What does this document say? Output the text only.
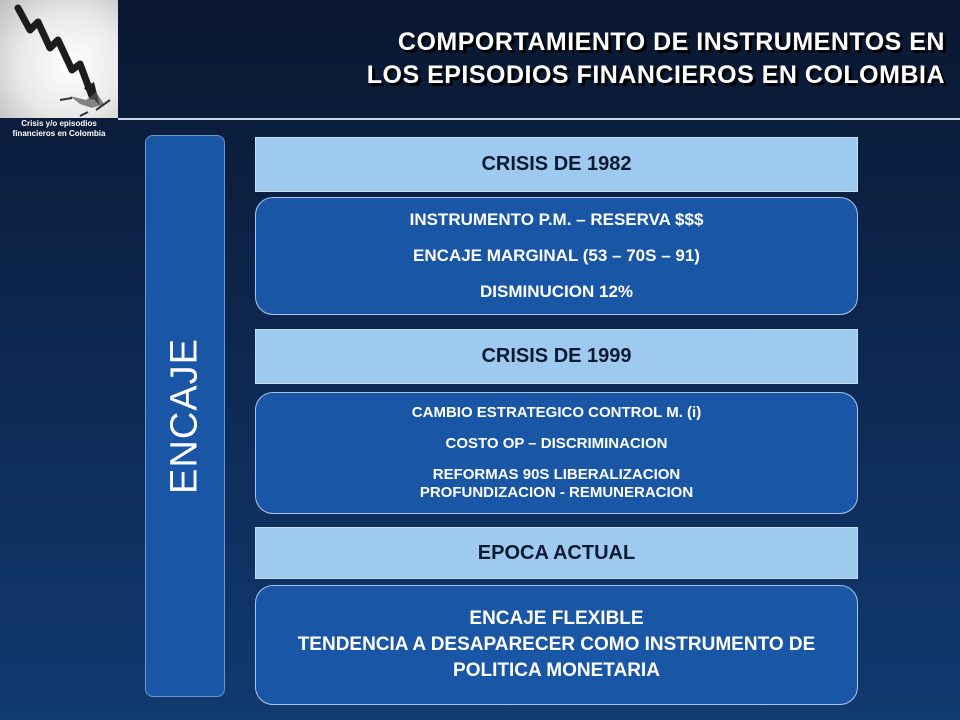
Crisis y/o episodios
financieros en Colombia
COMPORTAMIENTO DE INSTRUMENTOS EN
LOS EPISODIOS FINANCIEROS EN COLOMBIA
ENCAJE
CRISIS DE 1982
INSTRUMENTO P.M. – RESERVA $$$
ENCAJE MARGINAL (53 – 70S – 91)
DISMINUCION 12%
CRISIS DE 1999
CAMBIO ESTRATEGICO CONTROL M. (i)
COSTO OP – DISCRIMINACION
REFORMAS 90S LIBERALIZACION PROFUNDIZACION - REMUNERACION
EPOCA ACTUAL
ENCAJE FLEXIBLE
TENDENCIA A DESAPARECER COMO INSTRUMENTO DE POLITICA MONETARIA
